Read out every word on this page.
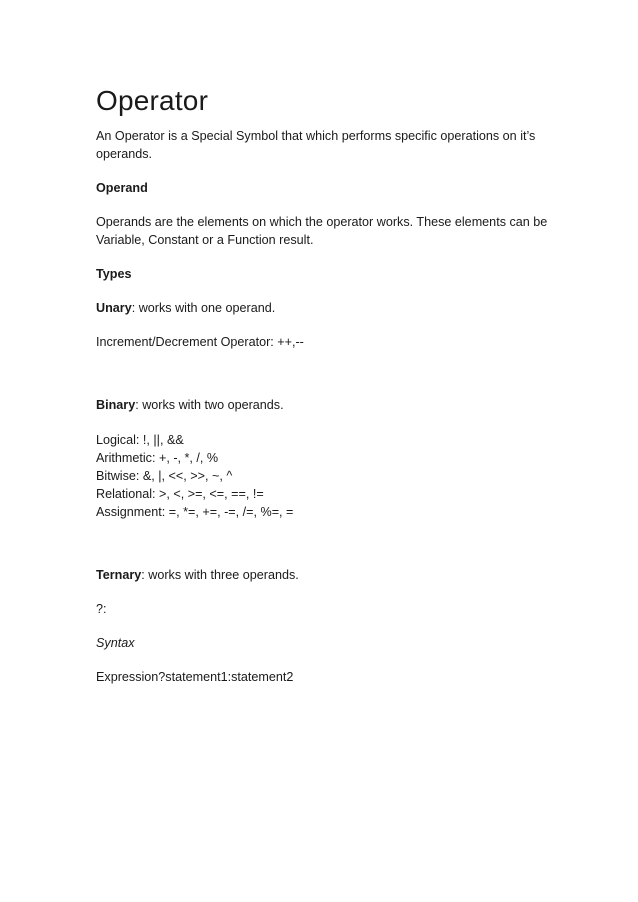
Operator

An Operator is a Special Symbol that which performs specific operations on it’s operands.

Operand

Operands are the elements on which the operator works. These elements can be Variable, Constant or a Function result.

Types

Unary: works with one operand.

Increment/Decrement Operator: ++,--

Binary: works with two operands.

Logical: !, ||, &&

Arithmetic: +, -, *, /, %

Bitwise: &, |, <<, >>, ~, ^

Relational: >, <, >=, <=, ==, !=

Assignment: =, *=, +=, -=, /=, %=, =

Ternary: works with three operands.

?:

Syntax

Expression?statement1:statement2
